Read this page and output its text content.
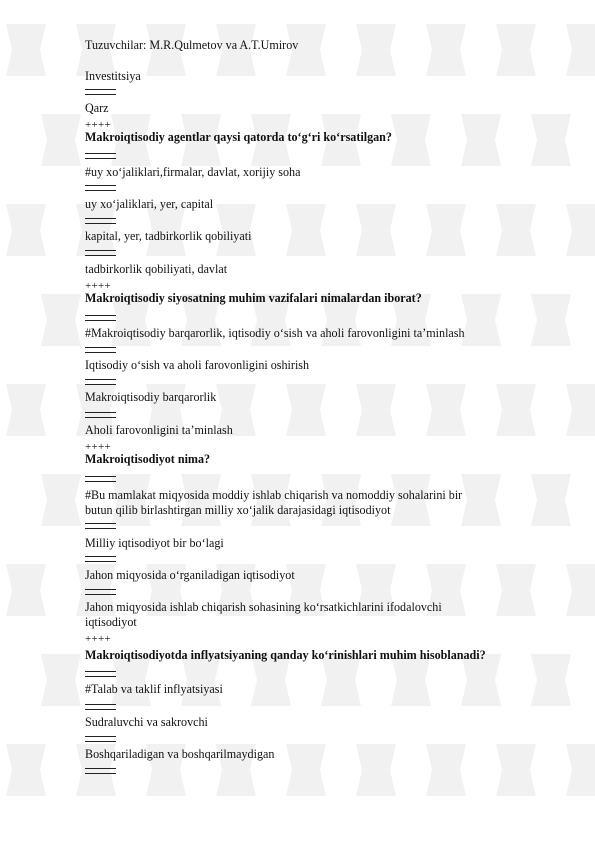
Tuzuvchilar: M.R.Qulmetov va A.T.Umirov
Investitsiya
Qarz
++++
Makroiqtisodiy agentlar qaysi qatorda to‘g‘ri ko‘rsatilgan?
#uy xo‘jaliklari,firmalar, davlat, xorijiy soha
uy xo‘jaliklari, yer, capital
kapital, yer, tadbirkorlik qobiliyati
tadbirkorlik qobiliyati, davlat
++++
Makroiqtisodiy siyosatning muhim vazifalari nimalardan iborat?
#Makroiqtisodiy barqarorlik, iqtisodiy o‘sish va aholi farovonligini ta’minlash
Iqtisodiy o‘sish va aholi farovonligini oshirish
Makroiqtisodiy barqarorlik
Aholi farovonligini ta’minlash
++++
Makroiqtisodiyot nima?
#Bu mamlakat miqyosida moddiy ishlab chiqarish va nomoddiy sohalarini bir
butun qilib birlashtirgan milliy xo‘jalik darajasidagi iqtisodiyot
Milliy iqtisodiyot bir bo‘lagi
Jahon miqyosida o‘rganiladigan iqtisodiyot
Jahon miqyosida ishlab chiqarish sohasining ko‘rsatkichlarini ifodalovchi
iqtisodiyot
++++
Makroiqtisodiyotda inflyatsiyaning qanday ko‘rinishlari muhim hisoblanadi?
#Talab va taklif inflyatsiyasi
Sudraluvchi va sakrovchi
Boshqariladigan va boshqarilmaydigan
